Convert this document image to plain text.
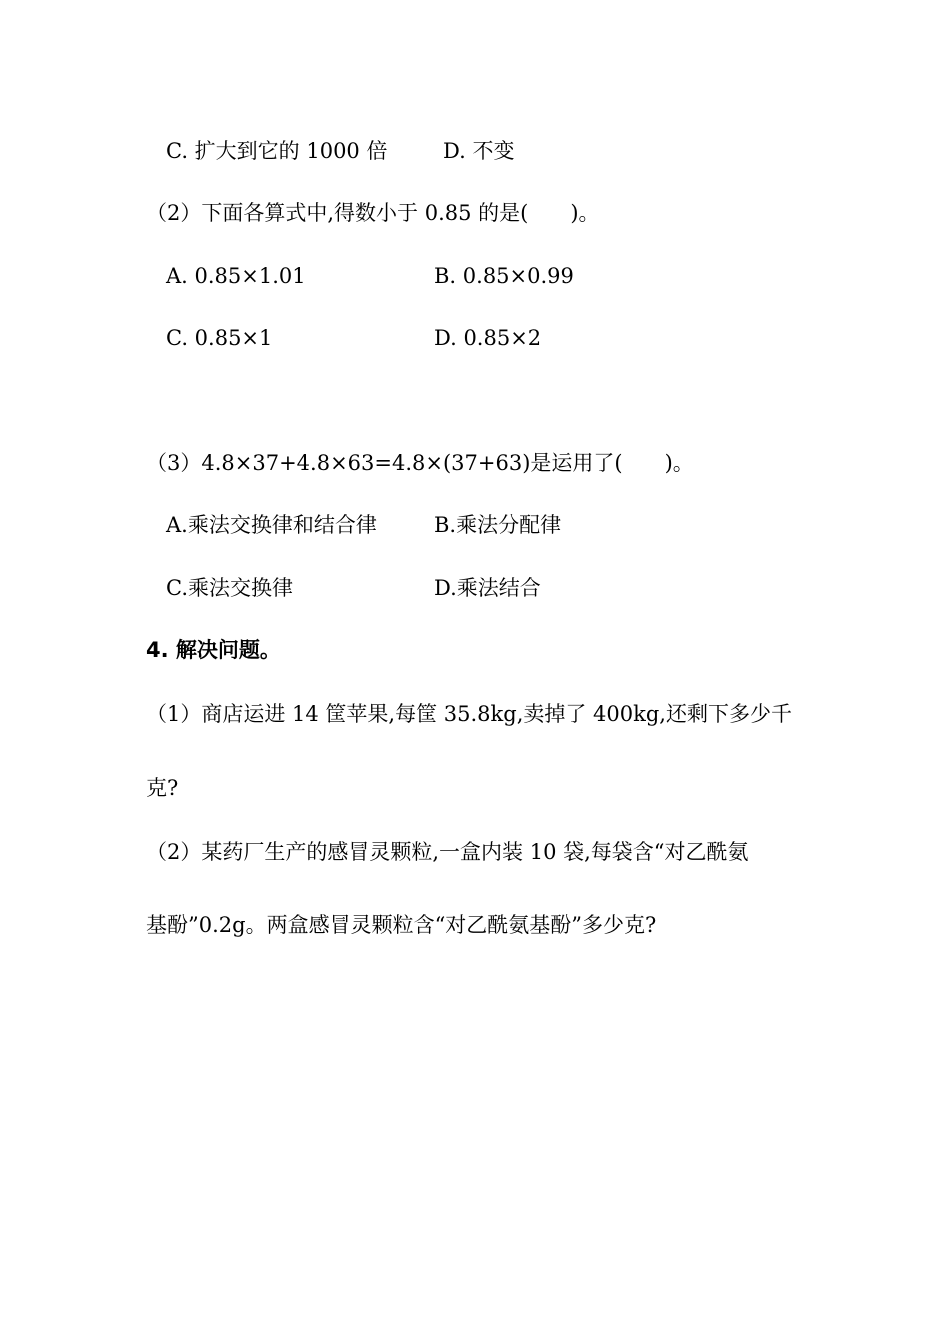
C. 扩大到它的 1000 倍	D. 不变
（2）下面各算式中,得数小于 0.85 的是(　　)。
A. 0.85×1.01	B. 0.85×0.99
C. 0.85×1	D. 0.85×2
（3）4.8×37+4.8×63=4.8×(37+63)是运用了(　　)。
A.乘法交换律和结合律	B.乘法分配律
C.乘法交换律	D.乘法结合
4. 解决问题。
（1）商店运进 14 筐苹果,每筐 35.8kg,卖掉了 400kg,还剩下多少千
克?
（2）某药厂生产的感冒灵颗粒,一盒内装 10 袋,每袋含“对乙酰氨
基酚”0.2g。两盒感冒灵颗粒含“对乙酰氨基酚”多少克?
